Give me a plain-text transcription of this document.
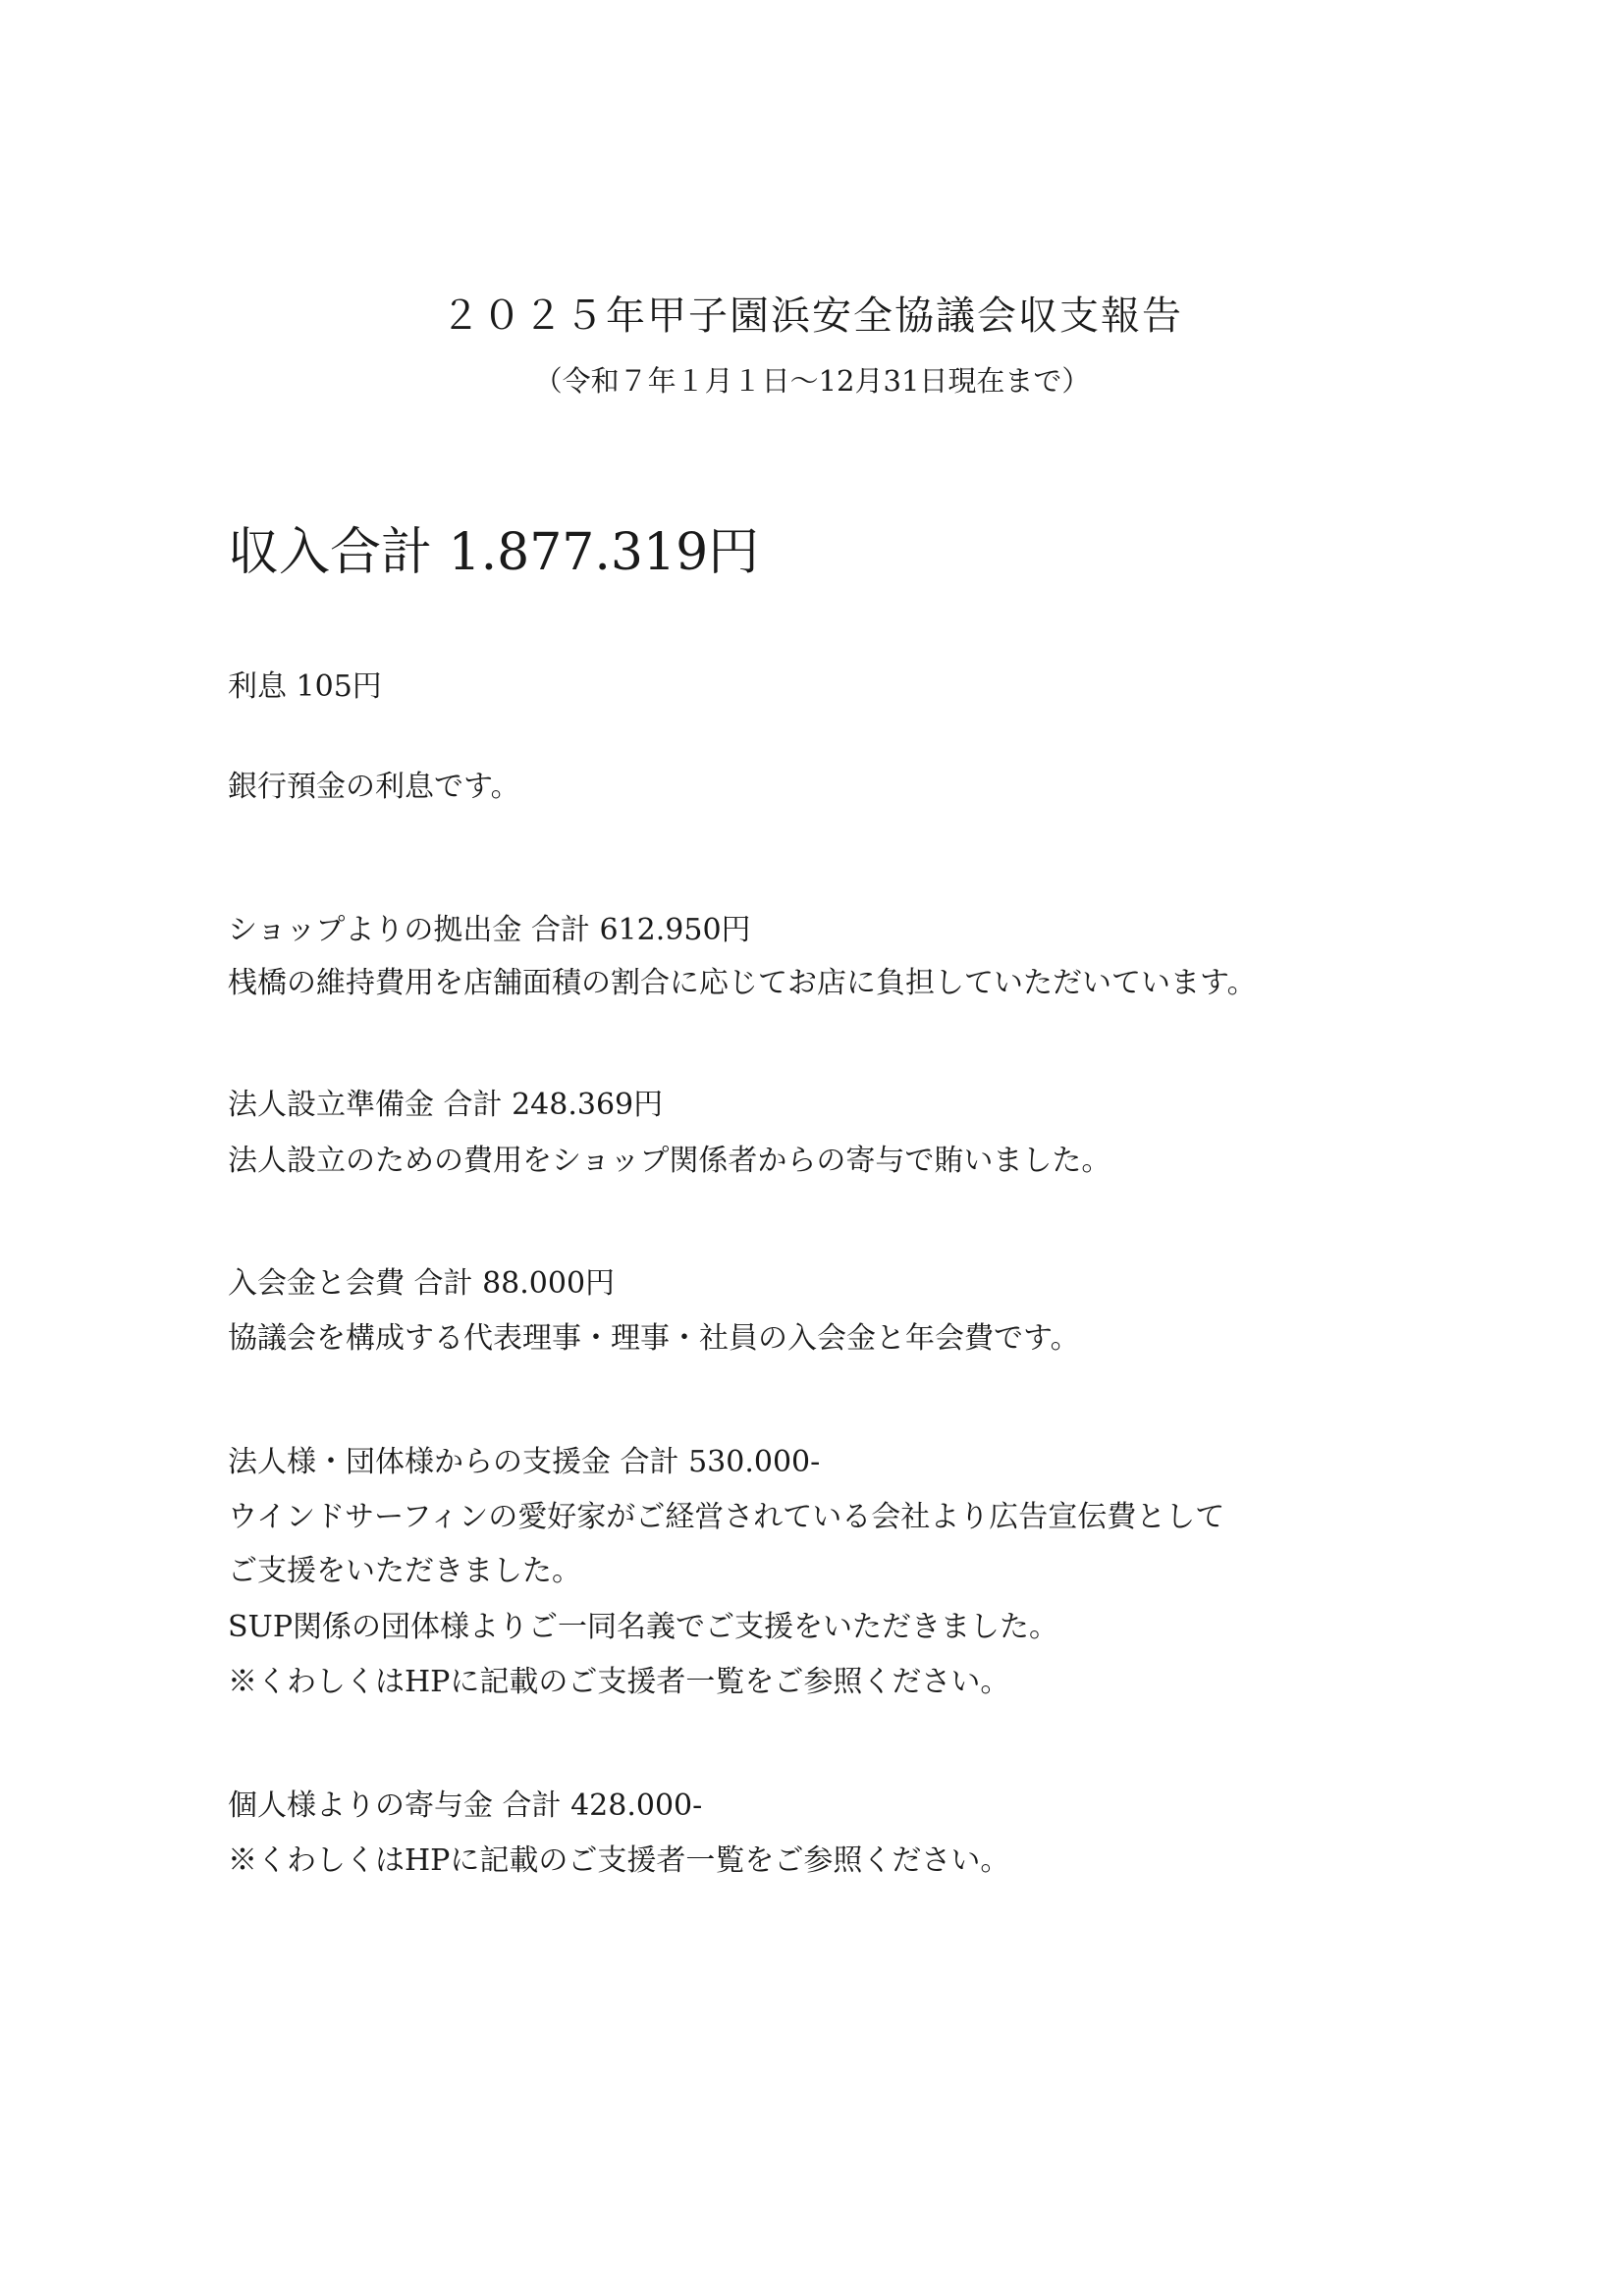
２０２５年甲子園浜安全協議会収支報告
（令和７年１月１日〜12月31日現在まで）
収入合計 1.877.319円
利息 105円
銀行預金の利息です。
ショップよりの拠出金 合計 612.950円
桟橋の維持費用を店舗面積の割合に応じてお店に負担していただいています。
法人設立準備金 合計 248.369円
法人設立のための費用をショップ関係者からの寄与で賄いました。
入会金と会費 合計 88.000円
協議会を構成する代表理事・理事・社員の入会金と年会費です。
法人様・団体様からの支援金 合計 530.000-
ウインドサーフィンの愛好家がご経営されている会社より広告宣伝費として
ご支援をいただきました。
SUP関係の団体様よりご一同名義でご支援をいただきました。
※くわしくはHPに記載のご支援者一覧をご参照ください。
個人様よりの寄与金 合計 428.000-
※くわしくはHPに記載のご支援者一覧をご参照ください。
